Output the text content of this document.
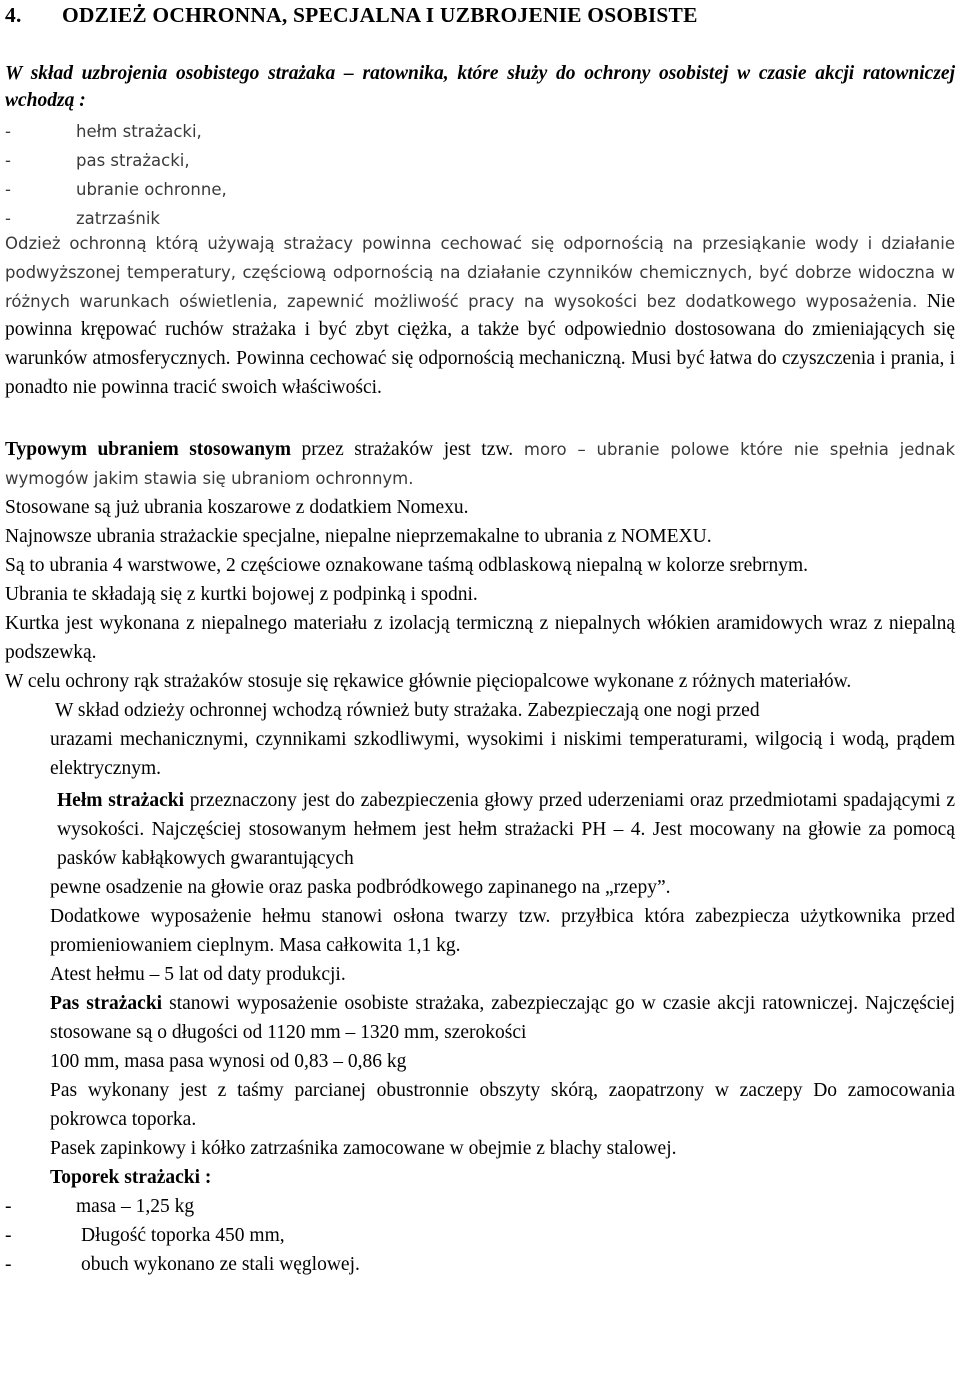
4. ODZIEŻ OCHRONNA, SPECJALNA I UZBROJENIE OSOBISTE
W skład uzbrojenia osobistego strażaka – ratownika, które służy do ochrony osobistej w czasie akcji ratowniczej wchodzą :
-	hełm strażacki,
-	pas strażacki,
-	ubranie ochronne,
-	zatrzaśnik
Odzież ochronną którą używają strażacy powinna cechować się odpornością na przesiąkanie wody i działanie podwyższonej temperatury, częściową odpornością na działanie czynników chemicznych, być dobrze widoczna w różnych warunkach oświetlenia, zapewnić możliwość pracy na wysokości bez dodatkowego wyposażenia. Nie powinna krępować ruchów strażaka i być zbyt ciężka, a także być odpowiednio dostosowana do zmieniających się warunków atmosferycznych. Powinna cechować się odpornością mechaniczną. Musi być łatwa do czyszczenia i prania, i ponadto nie powinna tracić swoich właściwości.

Typowym ubraniem stosowanym przez strażaków jest tzw. moro – ubranie polowe które nie spełnia jednak wymogów jakim stawia się ubraniom ochronnym.

Stosowane są już ubrania koszarowe z dodatkiem Nomexu.

Najnowsze ubrania strażackie specjalne, niepalne nieprzemakalne to ubrania z NOMEXU.

Są to ubrania 4 warstwowe, 2 częściowe oznakowane taśmą odblaskową niepalną w kolorze srebrnym.

Ubrania te składają się z kurtki bojowej z podpinką i spodni.

Kurtka jest wykonana z niepalnego materiału z izolacją termiczną z niepalnych włókien aramidowych wraz z niepalną podszewką.

W celu ochrony rąk strażaków stosuje się rękawice głównie pięciopalcowe wykonane z różnych materiałów.

W skład odzieży ochronnej wchodzą również buty strażaka. Zabezpieczają one nogi przed

urazami mechanicznymi, czynnikami szkodliwymi, wysokimi i niskimi temperaturami, wilgocią i wodą, prądem elektrycznym.

Hełm strażacki przeznaczony jest do zabezpieczenia głowy przed uderzeniami oraz przedmiotami spadającymi z wysokości. Najczęściej stosowanym hełmem jest hełm strażacki PH – 4. Jest mocowany na głowie za pomocą pasków kabłąkowych gwarantujących

pewne osadzenie na głowie oraz paska podbródkowego zapinanego na „rzepy”.

Dodatkowe wyposażenie hełmu stanowi osłona twarzy tzw. przyłbica która zabezpiecza użytkownika przed promieniowaniem cieplnym. Masa całkowita 1,1 kg.

Atest hełmu – 5 lat od daty produkcji.

Pas strażacki stanowi wyposażenie osobiste strażaka, zabezpieczając go w czasie akcji ratowniczej. Najczęściej stosowane są o długości od 1120 mm – 1320 mm, szerokości

100 mm, masa pasa wynosi od 0,83 – 0,86 kg

Pas wykonany jest z taśmy parcianej obustronnie obszyty skórą, zaopatrzony w zaczepy Do zamocowania pokrowca toporka.

Pasek zapinkowy i kółko zatrzaśnika zamocowane w obejmie z blachy stalowej.

Toporek strażacki :

-	masa – 1,25 kg
-	Długość toporka 450 mm,
-	obuch wykonano ze stali węglowej.
